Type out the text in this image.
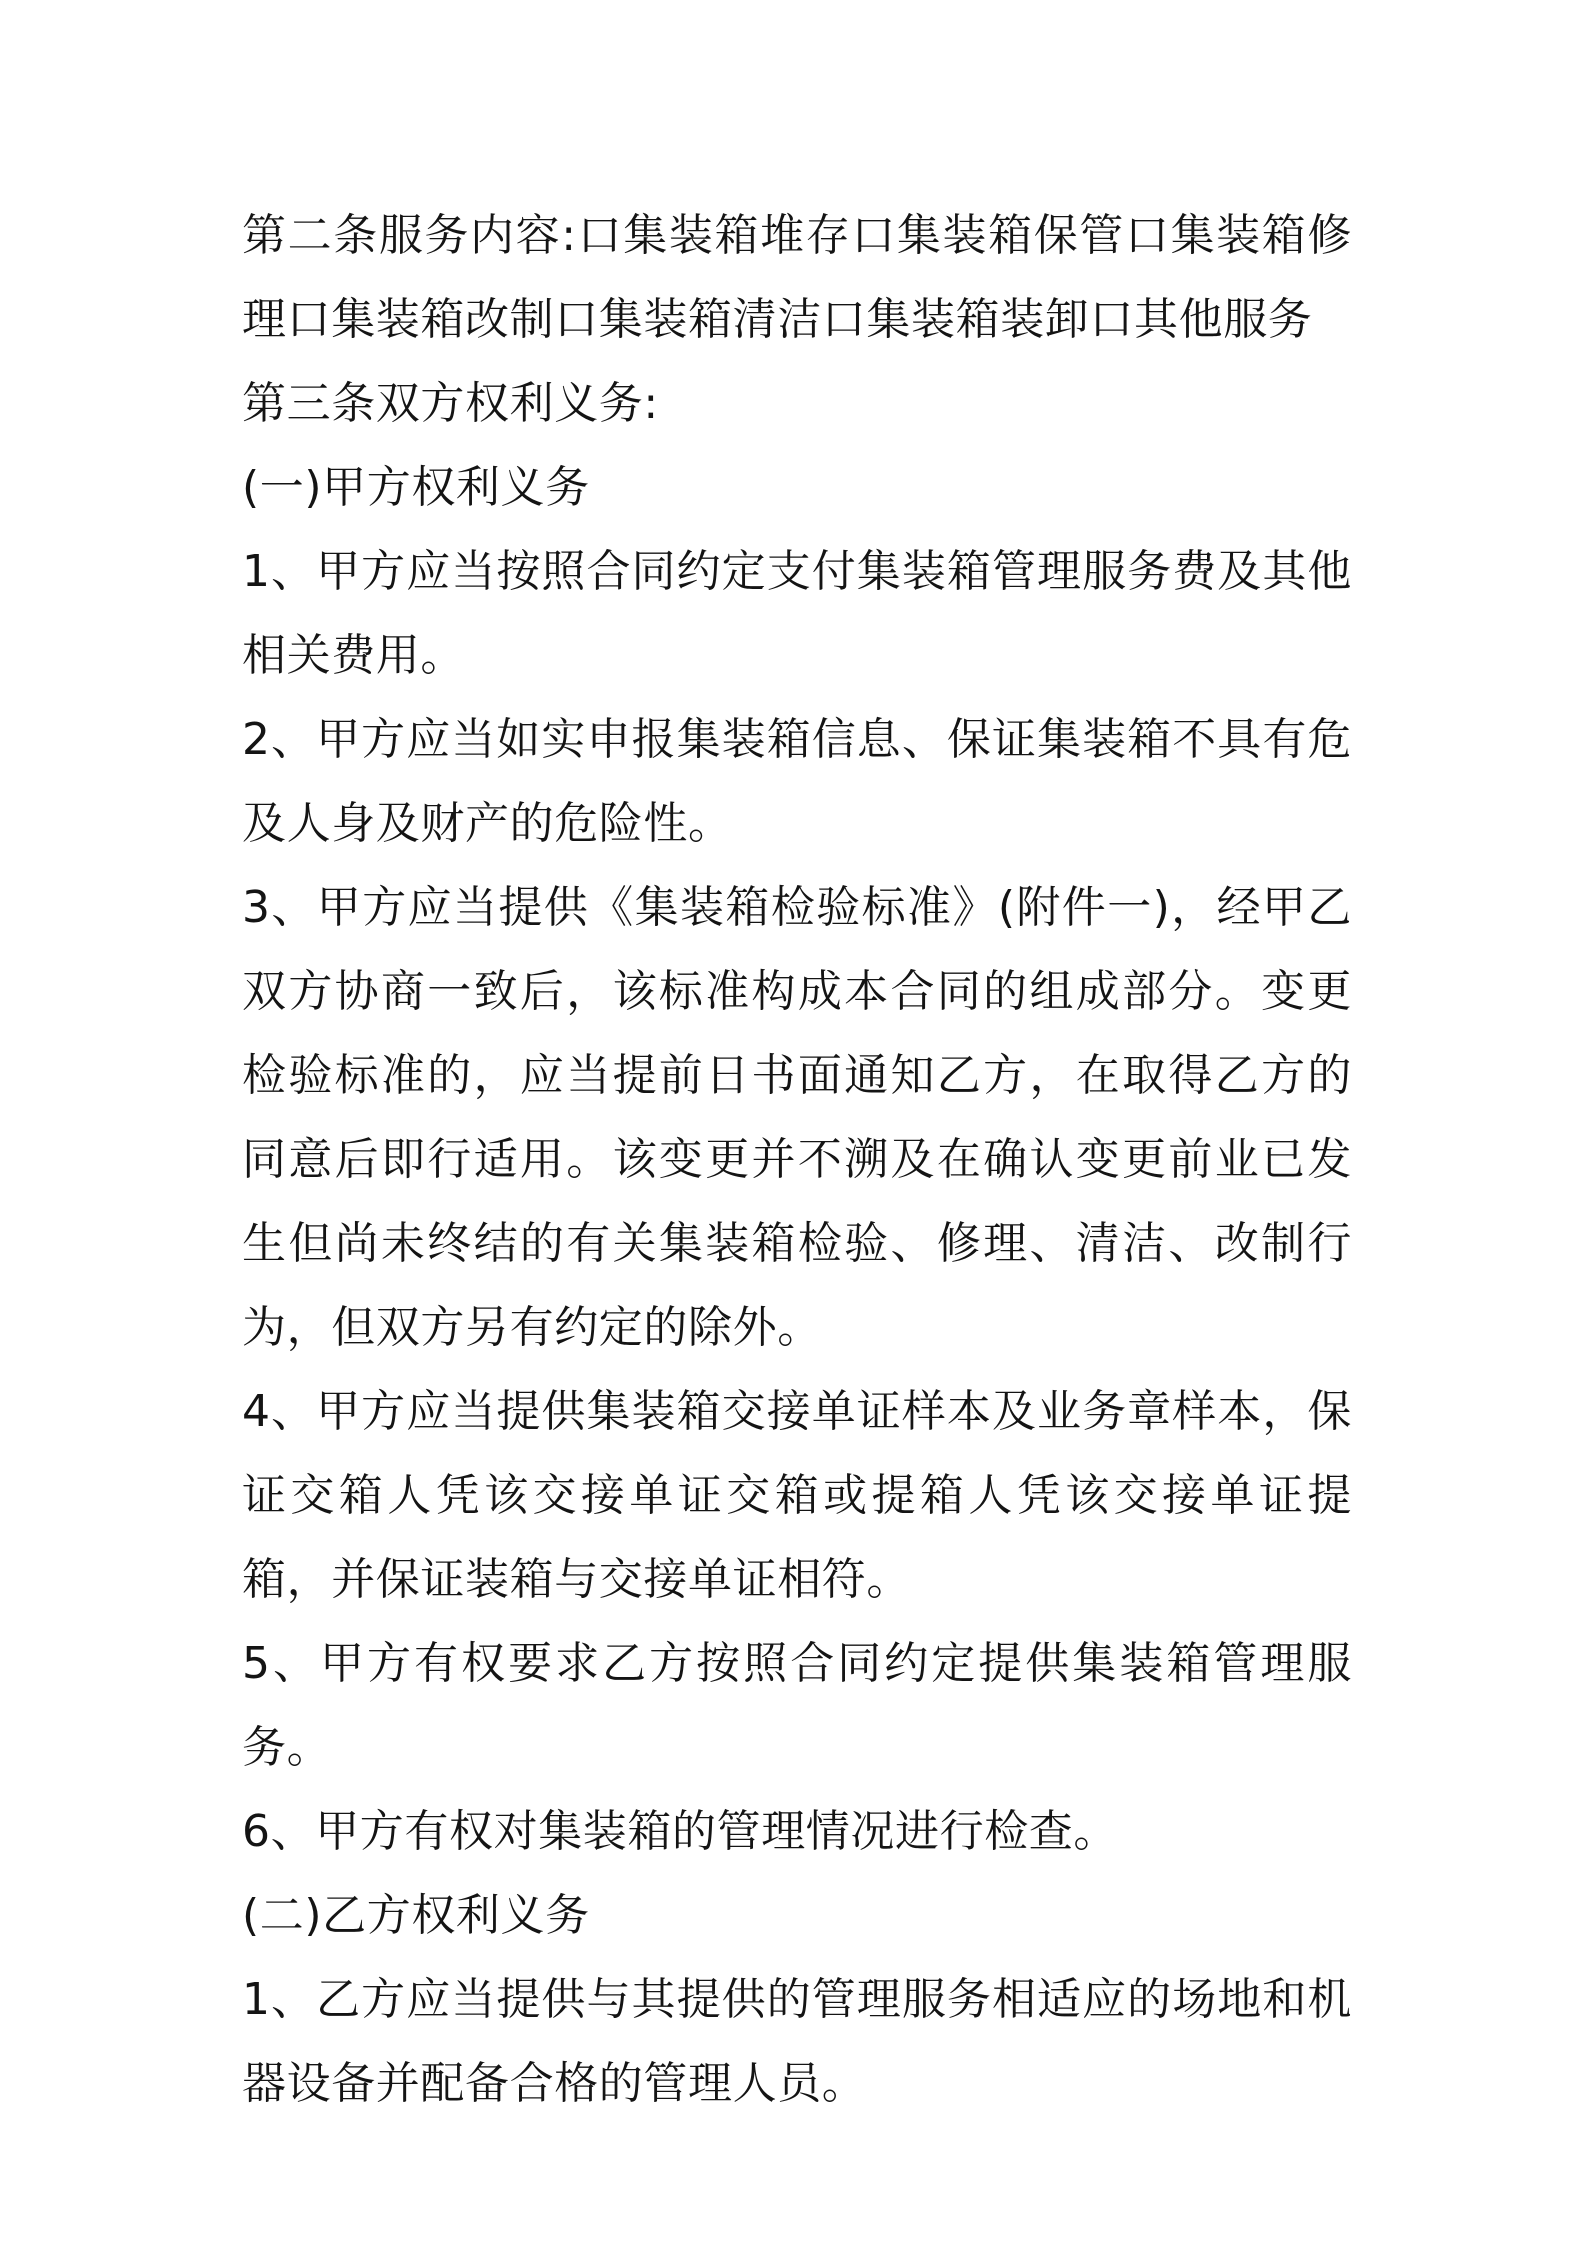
第二条服务内容:口集装箱堆存口集装箱保管口集装箱修理口集装箱改制口集装箱清洁口集装箱装卸口其他服务

第三条双方权利义务:

(一)甲方权利义务

1、甲方应当按照合同约定支付集装箱管理服务费及其他相关费用。

2、甲方应当如实申报集装箱信息、保证集装箱不具有危及人身及财产的危险性。

3、甲方应当提供《集装箱检验标准》(附件一)，经甲乙双方协商一致后，该标准构成本合同的组成部分。变更检验标准的，应当提前日书面通知乙方，在取得乙方的同意后即行适用。该变更并不溯及在确认变更前业已发生但尚未终结的有关集装箱检验、修理、清洁、改制行为，但双方另有约定的除外。

4、甲方应当提供集装箱交接单证样本及业务章样本，保证交箱人凭该交接单证交箱或提箱人凭该交接单证提箱，并保证装箱与交接单证相符。

5、甲方有权要求乙方按照合同约定提供集装箱管理服务。

6、甲方有权对集装箱的管理情况进行检查。

(二)乙方权利义务

1、乙方应当提供与其提供的管理服务相适应的场地和机器设备并配备合格的管理人员。
